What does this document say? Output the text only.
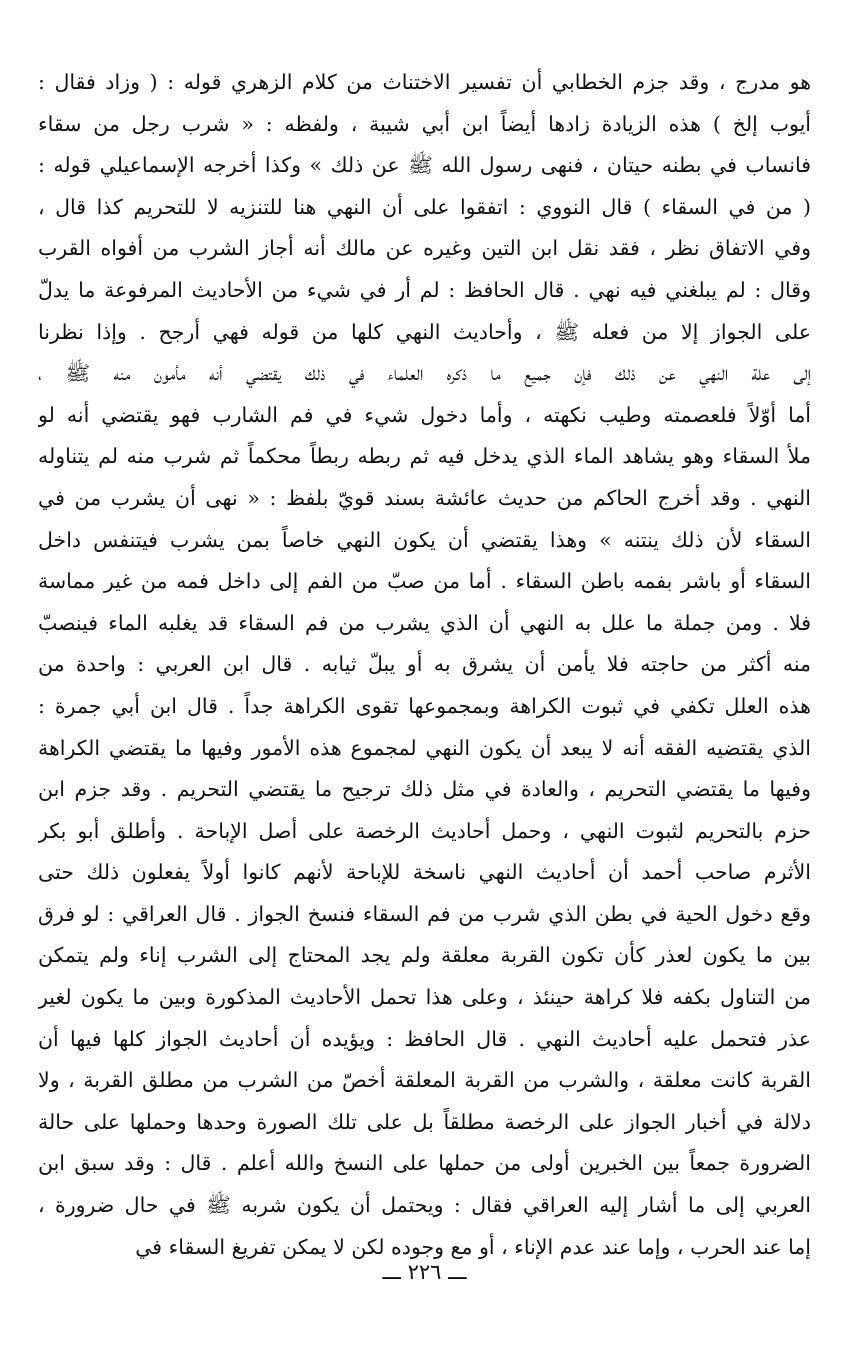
هو مدرج ، وقد جزم الخطابي أن تفسير الاختناث من كلام الزهري قوله : ( وزاد فقال :
أيوب إلخ ) هذه الزيادة زادها أيضاً ابن أبي شيبة ، ولفظه : « شرب رجل من سقاء
فانساب في بطنه حيتان ، فنهى رسول الله ﷺ عن ذلك » وكذا أخرجه الإسماعيلي قوله :
( من في السقاء ) قال النووي : اتفقوا على أن النهي هنا للتنزيه لا للتحريم كذا قال ،
وفي الاتفاق نظر ، فقد نقل ابن التين وغيره عن مالك أنه أجاز الشرب من أفواه القرب
وقال : لم يبلغني فيه نهي . قال الحافظ : لم أر في شيء من الأحاديث المرفوعة ما يدلّ
على الجواز إلا من فعله ﷺ ، وأحاديث النهي كلها من قوله فهي أرجح . وإذا نظرنا
إلى علة النهي عن ذلك فإن جميع ما ذكره العلماء في ذلك يقتضي أنه مأمون منه ﷺ ،
أما أوّلاً فلعصمته وطيب نكهته ، وأما دخول شيء في فم الشارب فهو يقتضي أنه لو
ملأ السقاء وهو يشاهد الماء الذي يدخل فيه ثم ربطه ربطاً محكماً ثم شرب منه لم يتناوله
النهي . وقد أخرج الحاكم من حديث عائشة بسند قويّ بلفظ : « نهى أن يشرب من في
السقاء لأن ذلك ينتنه » وهذا يقتضي أن يكون النهي خاصاً بمن يشرب فيتنفس داخل
السقاء أو باشر بفمه باطن السقاء . أما من صبّ من الفم إلى داخل فمه من غير مماسة
فلا . ومن جملة ما علل به النهي أن الذي يشرب من فم السقاء قد يغلبه الماء فينصبّ
منه أكثر من حاجته فلا يأمن أن يشرق به أو يبلّ ثيابه . قال ابن العربي : واحدة من
هذه العلل تكفي في ثبوت الكراهة وبمجموعها تقوى الكراهة جداً . قال ابن أبي جمرة :
الذي يقتضيه الفقه أنه لا يبعد أن يكون النهي لمجموع هذه الأمور وفيها ما يقتضي الكراهة
وفيها ما يقتضي التحريم ، والعادة في مثل ذلك ترجيح ما يقتضي التحريم . وقد جزم ابن
حزم بالتحريم لثبوت النهي ، وحمل أحاديث الرخصة على أصل الإباحة . وأطلق أبو بكر
الأثرم صاحب أحمد أن أحاديث النهي ناسخة للإباحة لأنهم كانوا أولاً يفعلون ذلك حتى
وقع دخول الحية في بطن الذي شرب من فم السقاء فنسخ الجواز . قال العراقي : لو فرق
بين ما يكون لعذر كأن تكون القربة معلقة ولم يجد المحتاج إلى الشرب إناء ولم يتمكن
من التناول بكفه فلا كراهة حينئذ ، وعلى هذا تحمل الأحاديث المذكورة وبين ما يكون لغير
عذر فتحمل عليه أحاديث النهي . قال الحافظ : ويؤيده أن أحاديث الجواز كلها فيها أن
القربة كانت معلقة ، والشرب من القربة المعلقة أخصّ من الشرب من مطلق القربة ، ولا
دلالة في أخبار الجواز على الرخصة مطلقاً بل على تلك الصورة وحدها وحملها على حالة
الضرورة جمعاً بين الخبرين أولى من حملها على النسخ والله أعلم . قال : وقد سبق ابن
العربي إلى ما أشار إليه العراقي فقال : ويحتمل أن يكون شربه ﷺ في حال ضرورة ،
إما عند الحرب ، وإما عند عدم الإناء ، أو مع وجوده لكن لا يمكن تفريغ السقاء في
ـــ ٢٢٦ ـــ
